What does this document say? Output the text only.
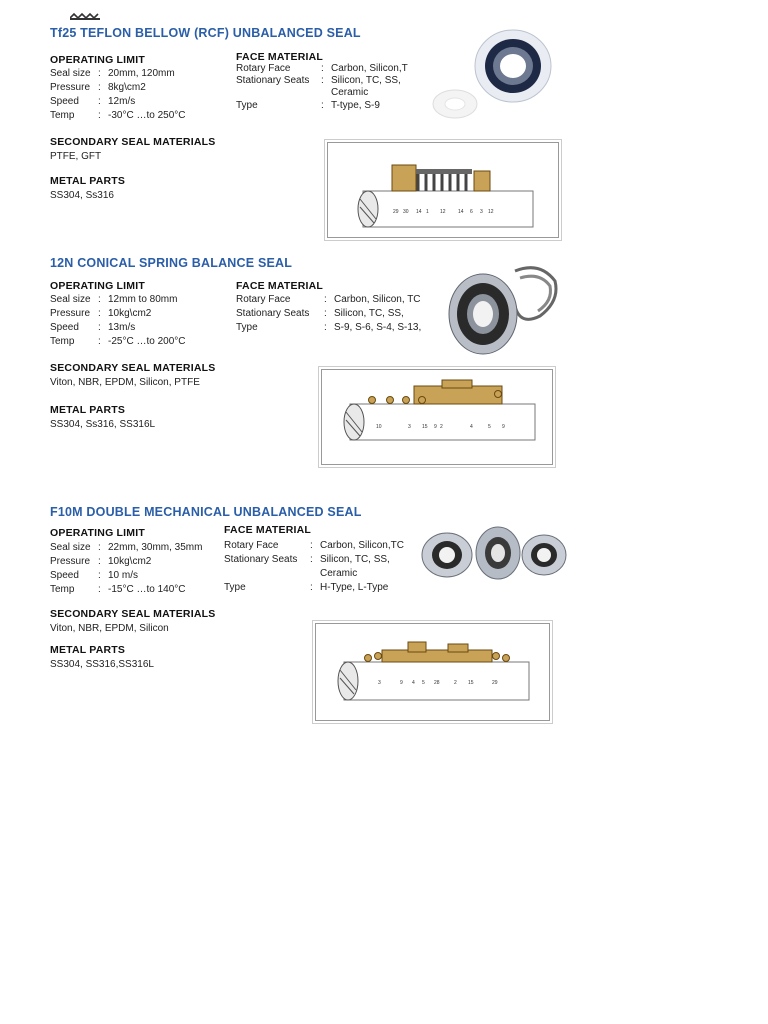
Tf25 TEFLON BELLOW (RCF) UNBALANCED SEAL
OPERATING LIMIT
Seal size : 20mm, 120mm
Pressure : 8kg\cm2
Speed : 12m/s
Temp : -30°C …to 250°C
FACE MATERIAL
Rotary Face	: Carbon, Silicon,T
Stationary Seats : Silicon, TC, SS,
Ceramic
Type	: T-type, S-9
SECONDARY SEAL MATERIALS
PTFE, GFT
METAL PARTS
SS304, Ss316
29 30 14 1 12 14 6 3 12
12N CONICAL SPRING BALANCE SEAL
OPERATING LIMIT
Seal size : 12mm to 80mm
Pressure : 10kg\cm2
Speed : 13m/s
Temp : -25°C …to 200°C
FACE MATERIAL
Rotary Face	: Carbon, Silicon, TC
Stationary Seats : Silicon, TC, SS,
Type	: S-9, S-6, S-4, S-13,
SECONDARY SEAL MATERIALS
Viton, NBR, EPDM, Silicon, PTFE
METAL PARTS
SS304, Ss316, SS316L	10	3 15 9 2	4	5 9
F10M DOUBLE MECHANICAL UNBALANCED SEAL
OPERATING LIMIT
Seal size : 22mm, 30mm, 35mm
Pressure : 10kg\cm2
Speed : 10 m/s
Temp : -15°C …to 140°C
FACE MATERIAL
Rotary Face	: Carbon, Silicon,TC
Stationary Seats : Silicon, TC, SS,
Ceramic
Type	: H-Type, L-Type
SECONDARY SEAL MATERIALS
Viton, NBR, EPDM, Silicon
METAL PARTS
SS304, SS316,SS316L
3	9 4 5 28	2 15	29
